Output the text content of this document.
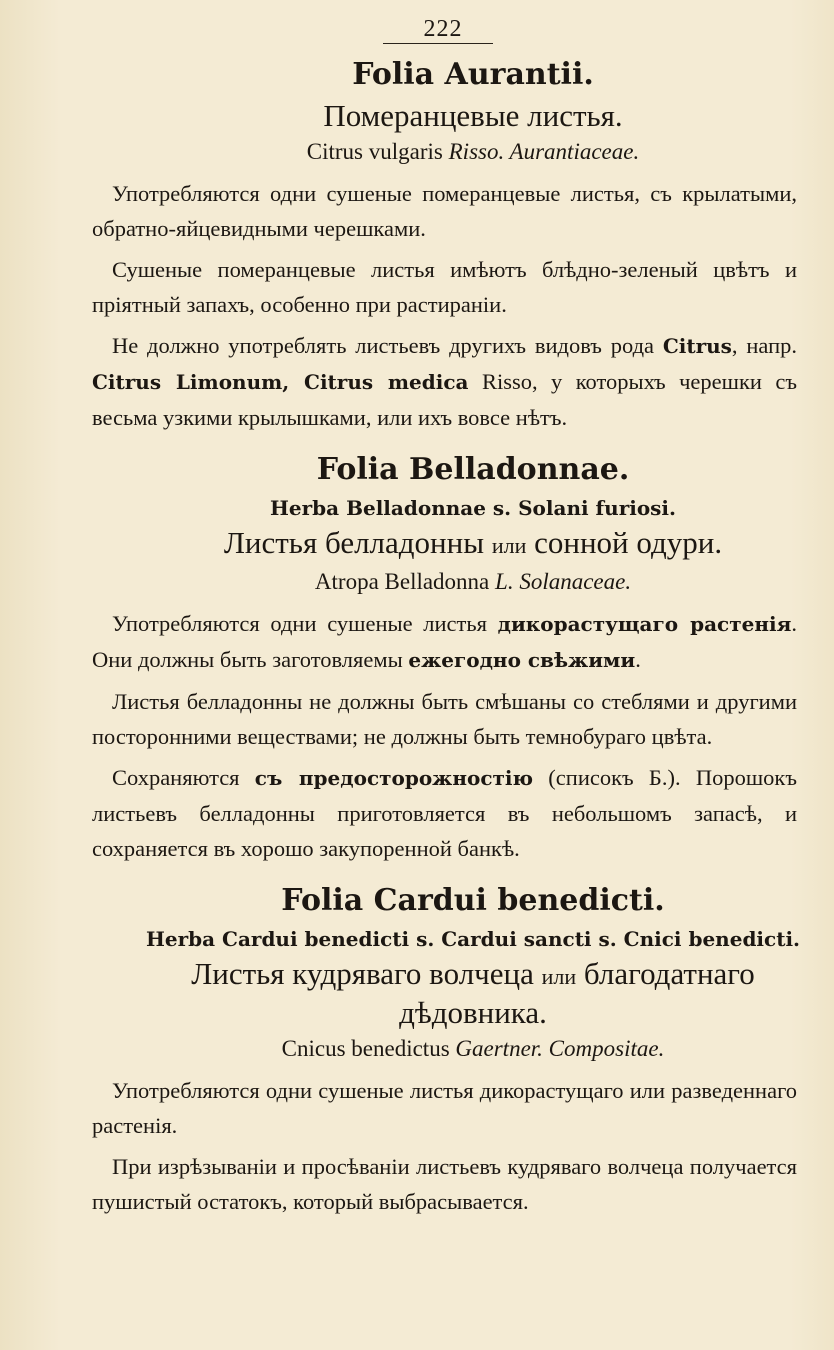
222
Folia Aurantii.
Померанцевые листья.
Citrus vulgaris Risso. Aurantiaceae.

Употребляются одни сушеные померанцевые листья, съ крылатыми, обратно-яйцевидными черешками.

Сушеные померанцевые листья имѣютъ блѣдно-зеленый цвѣтъ и пріятный запахъ, особенно при растираніи.

Не должно употреблять листьевъ другихъ видовъ рода Citrus, напр. Citrus Limonum, Citrus medica Risso, у которыхъ черешки съ весьма узкими крылышками, или ихъ вовсе нѣтъ.

Folia Belladonnae.
Herba Belladonnae s. Solani furiosi.
Листья белладонны или сонной одури.
Atropa Belladonna L. Solanaceae.

Употребляются одни сушеные листья дикорастущаго растенія. Они должны быть заготовляемы ежегодно свѣжими.

Листья белладонны не должны быть смѣшаны со стеблями и другими посторонними веществами; не должны быть темнобураго цвѣта.

Сохраняются съ предосторожностію (списокъ Б.). Порошокъ листьевъ белладонны приготовляется въ небольшомъ запасѣ, и сохраняется въ хорошо закупоренной банкѣ.

Folia Cardui benedicti.
Herba Cardui benedicti s. Cardui sancti s. Cnici benedicti.
Листья кудряваго волчеца или благодатнаго дѣдовника.
Cnicus benedictus Gaertner. Compositae.

Употребляются одни сушеные листья дикорастущаго или разведеннаго растенія.

При изрѣзываніи и просѣваніи листьевъ кудряваго волчеца получается пушистый остатокъ, который выбрасывается.
